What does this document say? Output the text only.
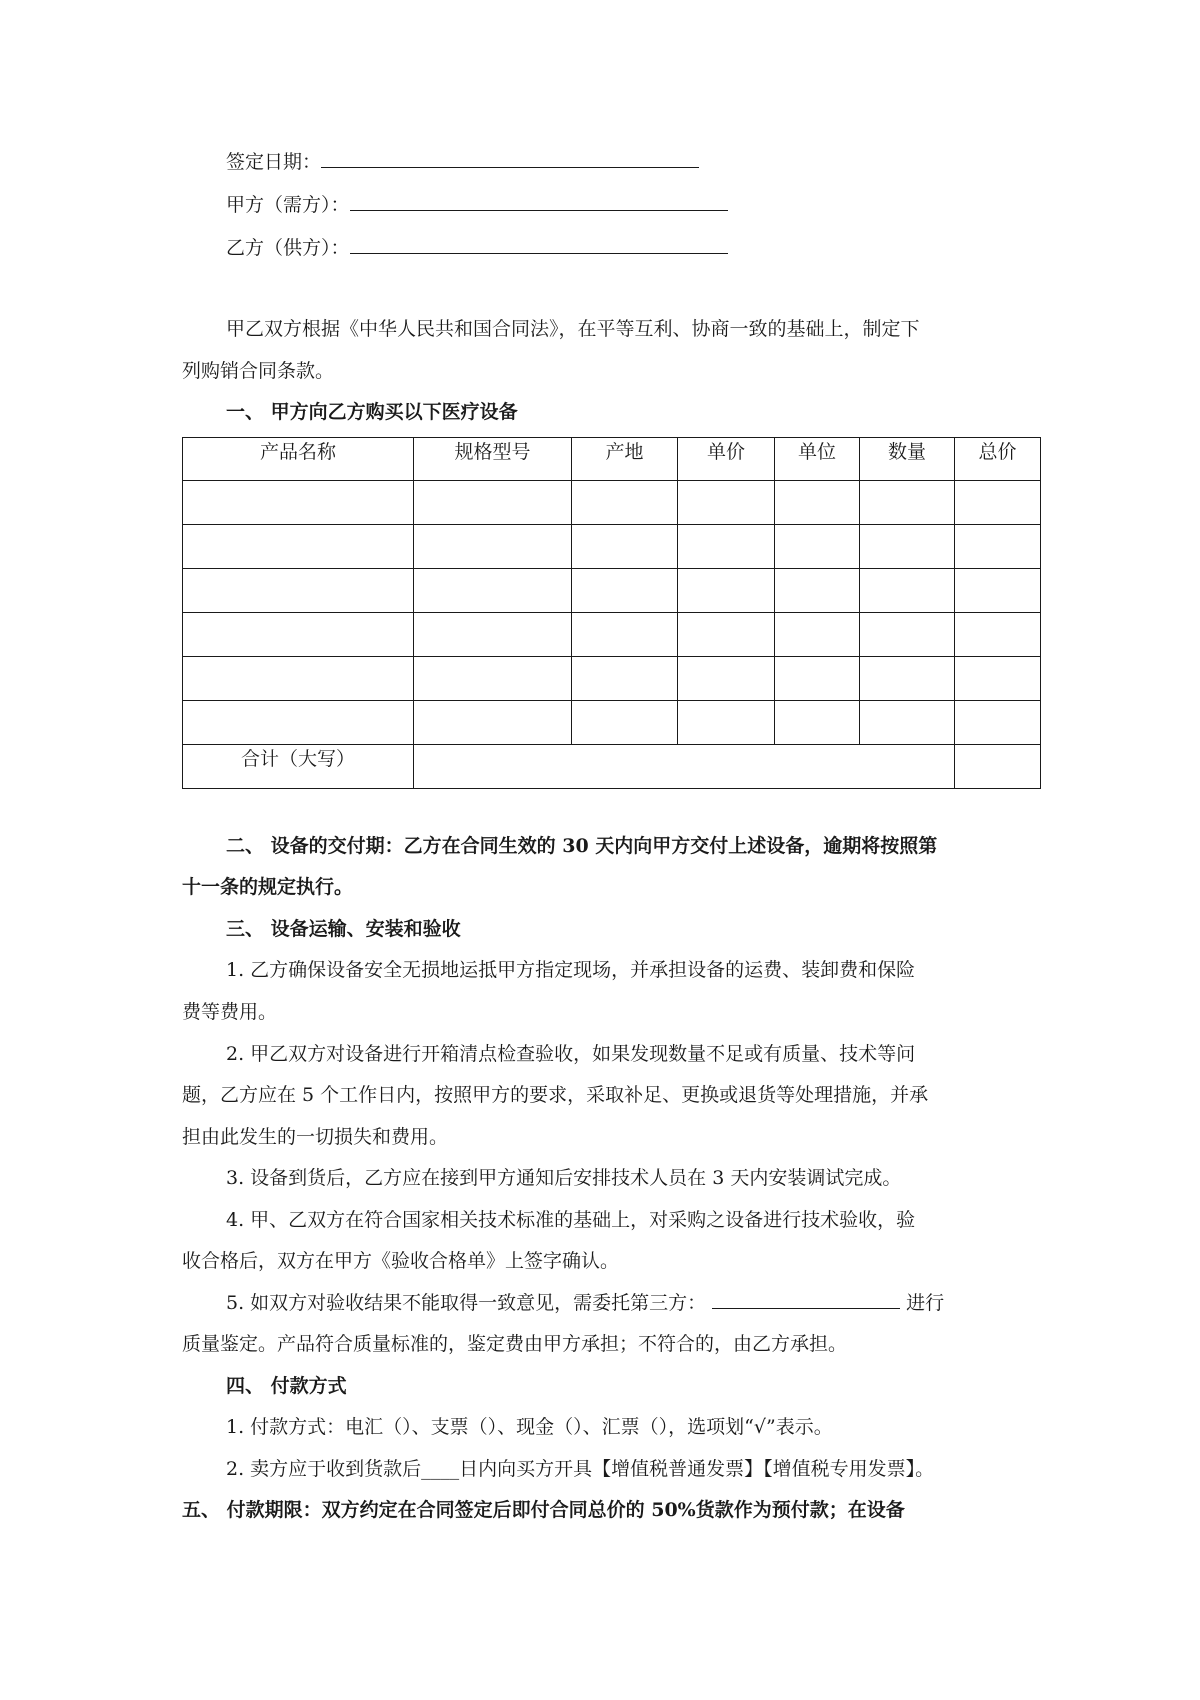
签定日期：
甲方（需方）：
乙方（供方）：
甲乙双方根据《中华人民共和国合同法》，在平等互利、协商一致的基础上，制定下
列购销合同条款。
一、 甲方向乙方购买以下医疗设备
产品名称	规格型号	产地	单价	单位	数量	总价

合计（大写）						
二、 设备的交付期：乙方在合同生效的 30 天内向甲方交付上述设备，逾期将按照第
十一条的规定执行。
三、 设备运输、安装和验收
1. 乙方确保设备安全无损地运抵甲方指定现场，并承担设备的运费、装卸费和保险
费等费用。
2. 甲乙双方对设备进行开箱清点检查验收，如果发现数量不足或有质量、技术等问
题，乙方应在 5 个工作日内，按照甲方的要求，采取补足、更换或退货等处理措施，并承
担由此发生的一切损失和费用。
3. 设备到货后，乙方应在接到甲方通知后安排技术人员在 3 天内安装调试完成。
4. 甲、乙双方在符合国家相关技术标准的基础上，对采购之设备进行技术验收，验
收合格后，双方在甲方《验收合格单》上签字确认。
5. 如双方对验收结果不能取得一致意见，需委托第三方：	进行
质量鉴定。产品符合质量标准的，鉴定费由甲方承担；不符合的，由乙方承担。
四、 付款方式
1. 付款方式：电汇（）、支票（）、现金（）、汇票（），选项划“√”表示。
2. 卖方应于收到货款后____日内向买方开具【增值税普通发票】【增值税专用发票】。
五、 付款期限：双方约定在合同签定后即付合同总价的 50%货款作为预付款；在设备
